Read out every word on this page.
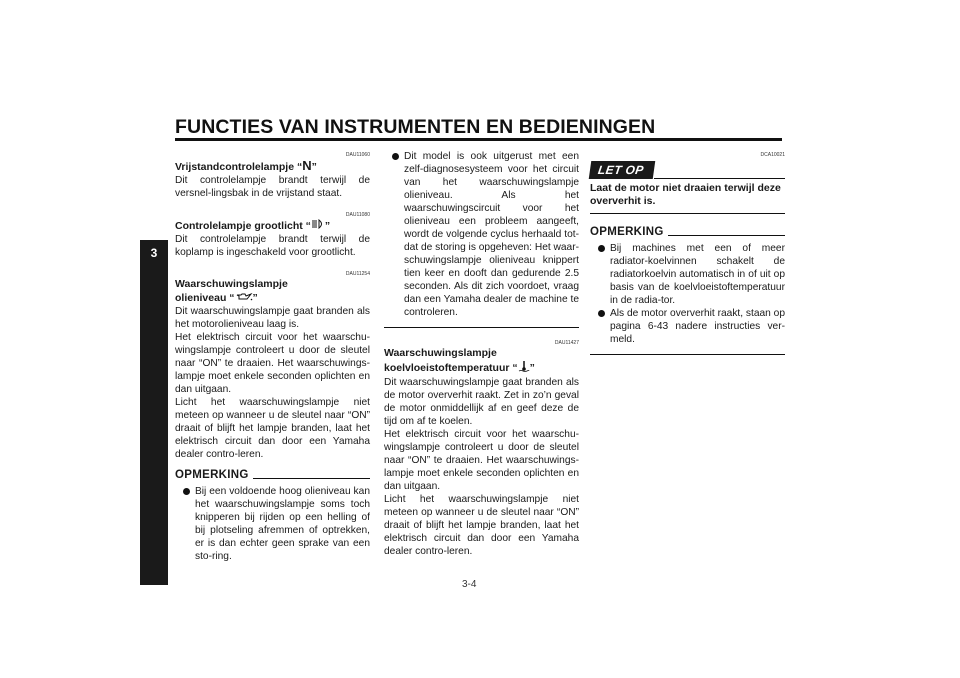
FUNCTIES VAN INSTRUMENTEN EN BEDIENINGEN
3
DAU11060
Vrijstandcontrolelampje “N”
Dit controlelampje brandt terwijl de versnel-lingsbak in de vrijstand staat.
DAU11080
Controlelampje grootlicht “ ”
Dit controlelampje brandt terwijl de koplamp is ingeschakeld voor grootlicht.
DAU11254
Waarschuwingslampje
olieniveau “ ”
Dit waarschuwingslampje gaat branden als het motorolieniveau laag is.
Het elektrisch circuit voor het waarschu-wingslampje controleert u door de sleutel naar “ON” te draaien. Het waarschuwings-lampje moet enkele seconden oplichten en dan uitgaan.
Licht het waarschuwingslampje niet meteen op wanneer u de sleutel naar “ON” draait of blijft het lampje branden, laat het elektrisch circuit dan door een Yamaha dealer contro-leren.
OPMERKING
Bij een voldoende hoog olieniveau kan het waarschuwingslampje soms toch knipperen bij rijden op een helling of bij plotseling afremmen of optrekken, er is dan echter geen sprake van een sto-ring.
Dit model is ook uitgerust met een zelf-diagnosesysteem voor het circuit van het waarschuwingslampje olieniveau. Als het waarschuwingscircuit voor het olieniveau een probleem aangeeft, wordt de volgende cyclus herhaald tot-dat de storing is opgeheven: Het waar-schuwingslampje olieniveau knippert tien keer en dooft dan gedurende 2.5 seconden. Als dit zich voordoet, vraag dan een Yamaha dealer de machine te controleren.
DAU11427
Waarschuwingslampje
koelvloeistoftemperatuur “ ”
Dit waarschuwingslampje gaat branden als de motor oververhit raakt. Zet in zo’n geval de motor onmiddellijk af en geef deze de tijd om af te koelen.
Het elektrisch circuit voor het waarschu-wingslampje controleert u door de sleutel naar “ON” te draaien. Het waarschuwings-lampje moet enkele seconden oplichten en dan uitgaan.
Licht het waarschuwingslampje niet meteen op wanneer u de sleutel naar “ON” draait of blijft het lampje branden, laat het elektrisch circuit dan door een Yamaha dealer contro-leren.
DCA10021
LET OP
Laat de motor niet draaien terwijl deze oververhit is.
OPMERKING
Bij machines met een of meer radiator-koelvinnen schakelt de radiatorkoelvin automatisch in of uit op basis van de koelvloeistoftemperatuur in de radia-tor.
Als de motor oververhit raakt, staan op pagina 6-43 nadere instructies ver-meld.
3-4
